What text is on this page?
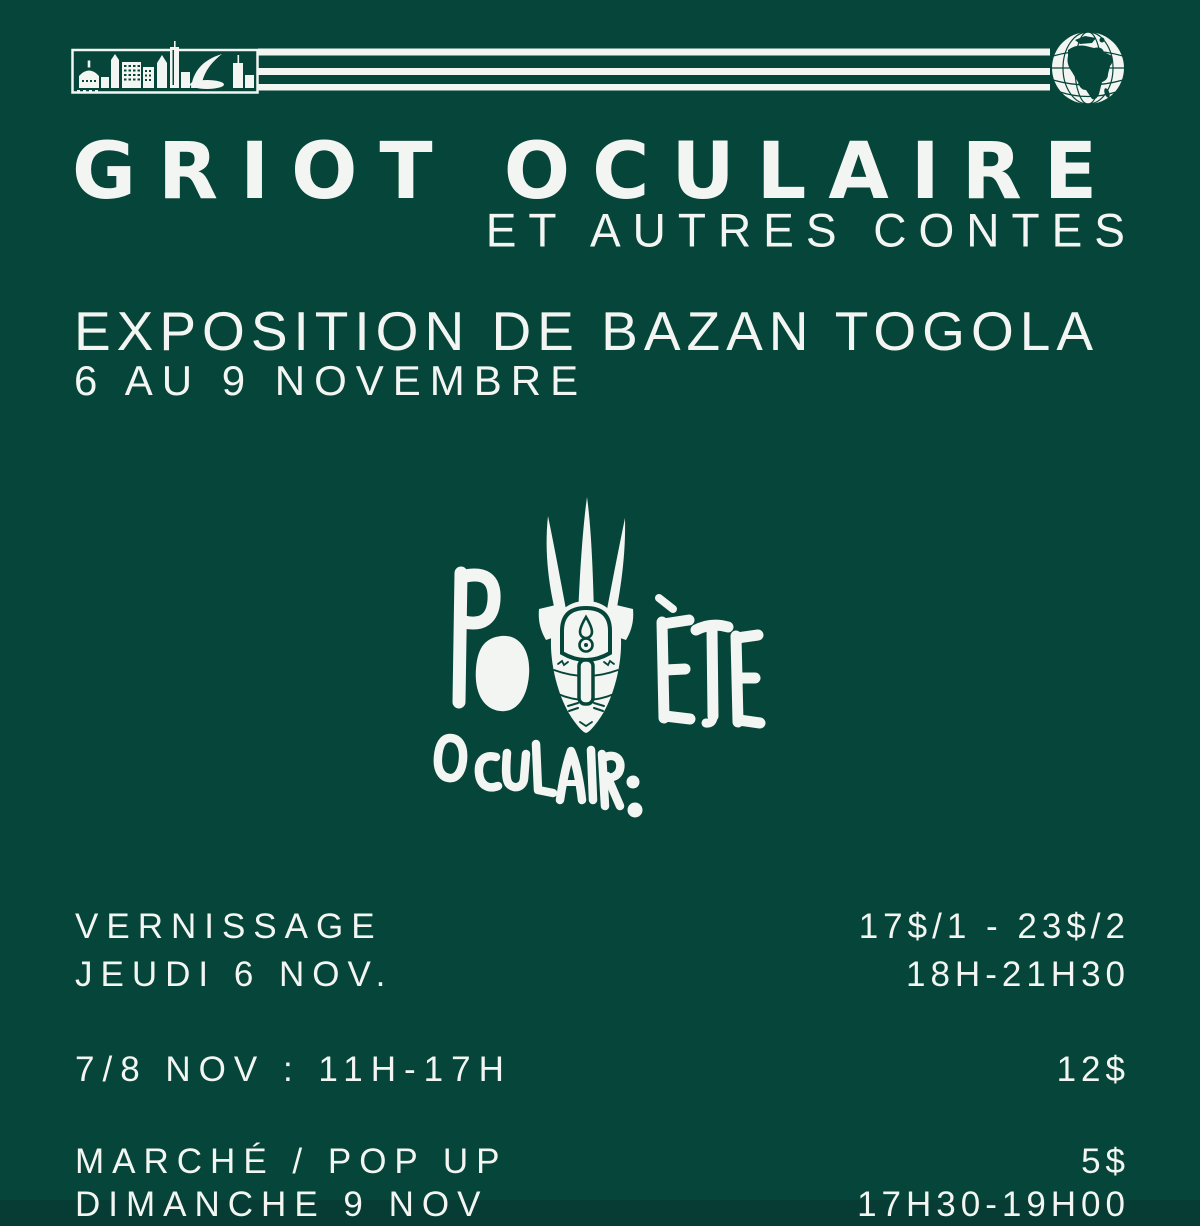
GRIOT OCULAIRE
ET AUTRES CONTES
EXPOSITION DE BAZAN TOGOLA
6 AU 9 NOVEMBRE
VERNISSAGE	17$/1 - 23$/2
JEUDI 6 NOV.	18H-21H30
7/8 NOV : 11H-17H	12$
MARCHÉ / POP UP	5$
DIMANCHE 9 NOV	17H30-19H00
